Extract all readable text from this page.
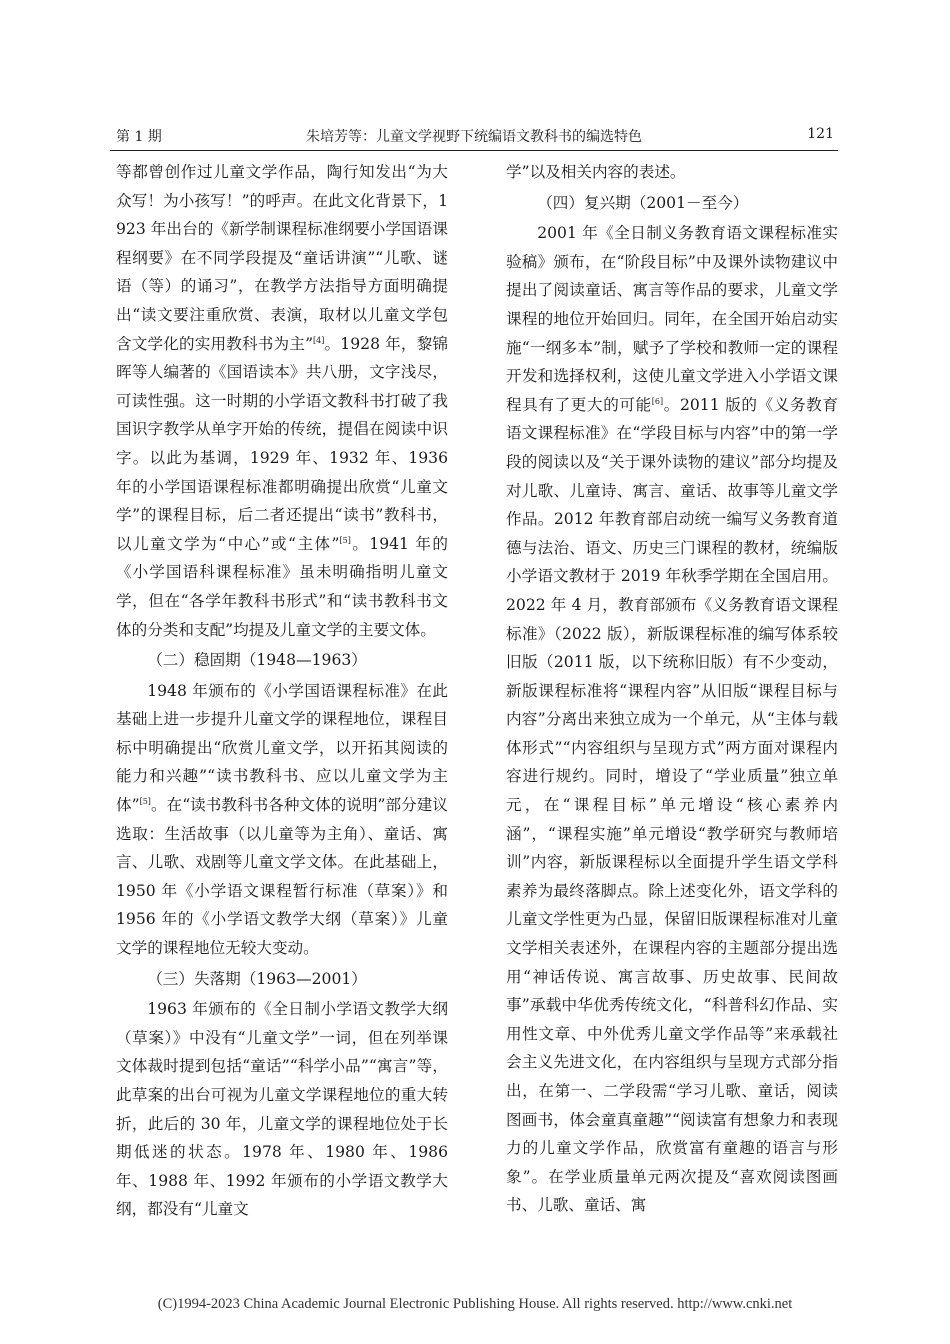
第 1 期	朱培芳等：儿童文学视野下统编语文教科书的编选特色	121

等都曾创作过儿童文学作品，陶行知发出“为大众写！为小孩写！”的呼声。在此文化背景下，1923 年出台的《新学制课程标准纲要小学国语课程纲要》在不同学段提及“童话讲演”“儿歌、谜语（等）的诵习”，在教学方法指导方面明确提出“读文要注重欣赏、表演，取材以儿童文学包含文学化的实用教科书为主”[4]。1928 年，黎锦晖等人编著的《国语读本》共八册，文字浅尽，可读性强。这一时期的小学语文教科书打破了我国识字教学从单字开始的传统，提倡在阅读中识字。以此为基调，1929 年、1932 年、1936 年的小学国语课程标准都明确提出欣赏“儿童文学”的课程目标，后二者还提出“读书”教科书，以儿童文学为“中心”或“主体”[5]。1941 年的《小学国语科课程标准》虽未明确指明儿童文学，但在“各学年教科书形式”和“读书教科书文体的分类和支配”均提及儿童文学的主要文体。

（二）稳固期（1948—1963）

1948 年颁布的《小学国语课程标准》在此基础上进一步提升儿童文学的课程地位，课程目标中明确提出“欣赏儿童文学，以开拓其阅读的能力和兴趣”“读书教科书、应以儿童文学为主体”[5]。在“读书教科书各种文体的说明”部分建议选取：生活故事（以儿童等为主角）、童话、寓言、儿歌、戏剧等儿童文学文体。在此基础上，1950 年《小学语文课程暂行标准（草案）》和 1956 年的《小学语文教学大纲（草案）》儿童文学的课程地位无较大变动。

（三）失落期（1963—2001）

1963 年颁布的《全日制小学语文教学大纲（草案）》中没有“儿童文学”一词，但在列举课文体裁时提到包括“童话”“科学小品”“寓言”等，此草案的出台可视为儿童文学课程地位的重大转折，此后的 30 年，儿童文学的课程地位处于长期低迷的状态。1978 年、1980 年、1986 年、1988 年、1992 年颁布的小学语文教学大纲，都没有“儿童文

学”以及相关内容的表述。

（四）复兴期（2001－至今）

2001 年《全日制义务教育语文课程标准实验稿》颁布，在“阶段目标”中及课外读物建议中提出了阅读童话、寓言等作品的要求，儿童文学课程的地位开始回归。同年，在全国开始启动实施“一纲多本”制，赋予了学校和教师一定的课程开发和选择权利，这使儿童文学进入小学语文课程具有了更大的可能[6]。2011 版的《义务教育语文课程标准》在“学段目标与内容”中的第一学段的阅读以及“关于课外读物的建议”部分均提及对儿歌、儿童诗、寓言、童话、故事等儿童文学作品。2012 年教育部启动统一编写义务教育道德与法治、语文、历史三门课程的教材，统编版小学语文教材于 2019 年秋季学期在全国启用。2022 年 4 月，教育部颁布《义务教育语文课程标准》（2022 版），新版课程标准的编写体系较旧版（2011 版，以下统称旧版）有不少变动，新版课程标准将“课程内容”从旧版“课程目标与内容”分离出来独立成为一个单元，从“主体与载体形式”“内容组织与呈现方式”两方面对课程内容进行规约。同时，增设了“学业质量”独立单元，在“课程目标”单元增设“核心素养内涵”，“课程实施”单元增设“教学研究与教师培训”内容，新版课程标以全面提升学生语文学科素养为最终落脚点。除上述变化外，语文学科的儿童文学性更为凸显，保留旧版课程标准对儿童文学相关表述外，在课程内容的主题部分提出选用“神话传说、寓言故事、历史故事、民间故事”承载中华优秀传统文化，“科普科幻作品、实用性文章、中外优秀儿童文学作品等”来承载社会主义先进文化，在内容组织与呈现方式部分指出，在第一、二学段需“学习儿歌、童话，阅读图画书，体会童真童趣”“阅读富有想象力和表现力的儿童文学作品，欣赏富有童趣的语言与形象”。在学业质量单元两次提及“喜欢阅读图画书、儿歌、童话、寓

(C)1994-2023 China Academic Journal Electronic Publishing House. All rights reserved. http://www.cnki.net
